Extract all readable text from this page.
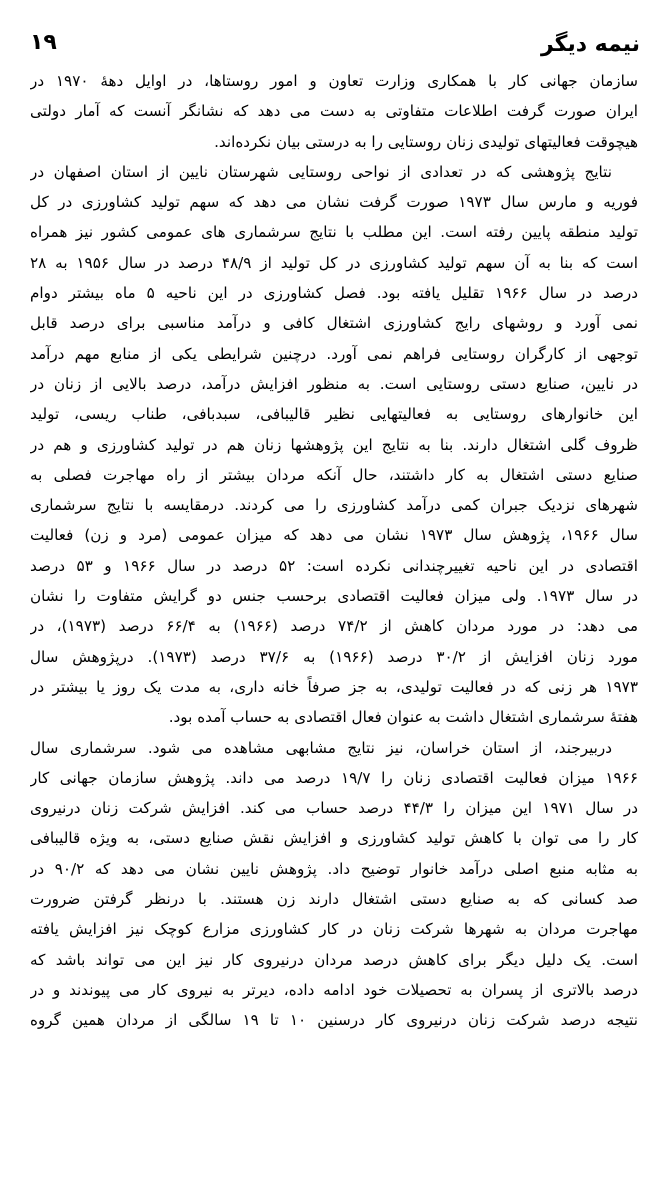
۱۹	نیمه دیگر
سازمان جهانی کار با همکاری وزارت تعاون و امور روستاها، در اوایل دهۀ ۱۹۷۰ در
ایران صورت گرفت اطلاعات متفاوتی به دست می دهد که نشانگر آنست که آمار دولتی
هیچوقت فعالیتهای تولیدی زنان روستایی را به درستی بیان نکرده‌اند.
نتایج پژوهشی که در تعدادی از نواحی روستایی شهرستان نایین از استان اصفهان در
فوریه و مارس سال ۱۹۷۳ صورت گرفت نشان می دهد که سهم تولید کشاورزی در کل
تولید منطقه پایین رفته است. این مطلب با نتایج سرشماری های عمومی کشور نیز همراه
است که بنا به آن سهم تولید کشاورزی در کل تولید از ۴۸/۹ درصد در سال ۱۹۵۶ به ۲۸
درصد در سال ۱۹۶۶ تقلیل یافته بود. فصل کشاورزی در این ناحیه ۵ ماه بیشتر دوام
نمی آورد و روشهای رایج کشاورزی اشتغال کافی و درآمد مناسبی برای درصد قابل
توجهی از کارگران روستایی فراهم نمی آورد. درچنین شرایطی یکی از منابع مهم درآمد
در نایین، صنایع دستی روستایی است. به منظور افزایش درآمد، درصد بالایی از زنان در
این خانوارهای روستایی به فعالیتهایی نظیر قالیبافی، سبدبافی، طناب ریسی، تولید
ظروف گلی اشتغال دارند. بنا به نتایج این پژوهشها زنان هم در تولید کشاورزی و هم در
صنایع دستی اشتغال به کار داشتند، حال آنکه مردان بیشتر از راه مهاجرت فصلی به
شهرهای نزدیک جبران کمی درآمد کشاورزی را می کردند. درمقایسه با نتایج سرشماری
سال ۱۹۶۶، پژوهش سال ۱۹۷۳ نشان می دهد که میزان عمومی (مرد و زن) فعالیت
اقتصادی در این ناحیه تغییرچندانی نکرده است: ۵۲ درصد در سال ۱۹۶۶ و ۵۳ درصد
در سال ۱۹۷۳. ولی میزان فعالیت اقتصادی برحسب جنس دو گرایش متفاوت را نشان
می دهد: در مورد مردان کاهش از ۷۴/۲ درصد (۱۹۶۶) به ۶۶/۴ درصد (۱۹۷۳)، در
مورد زنان افزایش از ۳۰/۲ درصد (۱۹۶۶) به ۳۷/۶ درصد (۱۹۷۳). درپژوهش سال
۱۹۷۳ هر زنی که در فعالیت تولیدی، به جز صرفاً خانه داری، به مدت یک روز یا بیشتر در
هفتۀ سرشماری اشتغال داشت به عنوان فعال اقتصادی به حساب آمده بود.
دربیرجند، از استان خراسان، نیز نتایج مشابهی مشاهده می شود. سرشماری سال
۱۹۶۶ میزان فعالیت اقتصادی زنان را ۱۹/۷ درصد می داند. پژوهش سازمان جهانی کار
در سال ۱۹۷۱ این میزان را ۴۴/۳ درصد حساب می کند. افزایش شرکت زنان درنیروی
کار را می توان با کاهش تولید کشاورزی و افزایش نقش صنایع دستی، به ویژه قالیبافی
به مثابه منبع اصلی درآمد خانوار توضیح داد. پژوهش نایین نشان می دهد که ۹۰/۲ در
صد کسانی که به صنایع دستی اشتغال دارند زن هستند. با درنظر گرفتن ضرورت
مهاجرت مردان به شهرها شرکت زنان در کار کشاورزی مزارع کوچک نیز افزایش یافته
است. یک دلیل دیگر برای کاهش درصد مردان درنیروی کار نیز این می تواند باشد که
درصد بالاتری از پسران به تحصیلات خود ادامه داده، دیرتر به نیروی کار می پیوندند و در
نتیجه درصد شرکت زنان درنیروی کار درسنین ۱۰ تا ۱۹ سالگی از مردان همین گروه
